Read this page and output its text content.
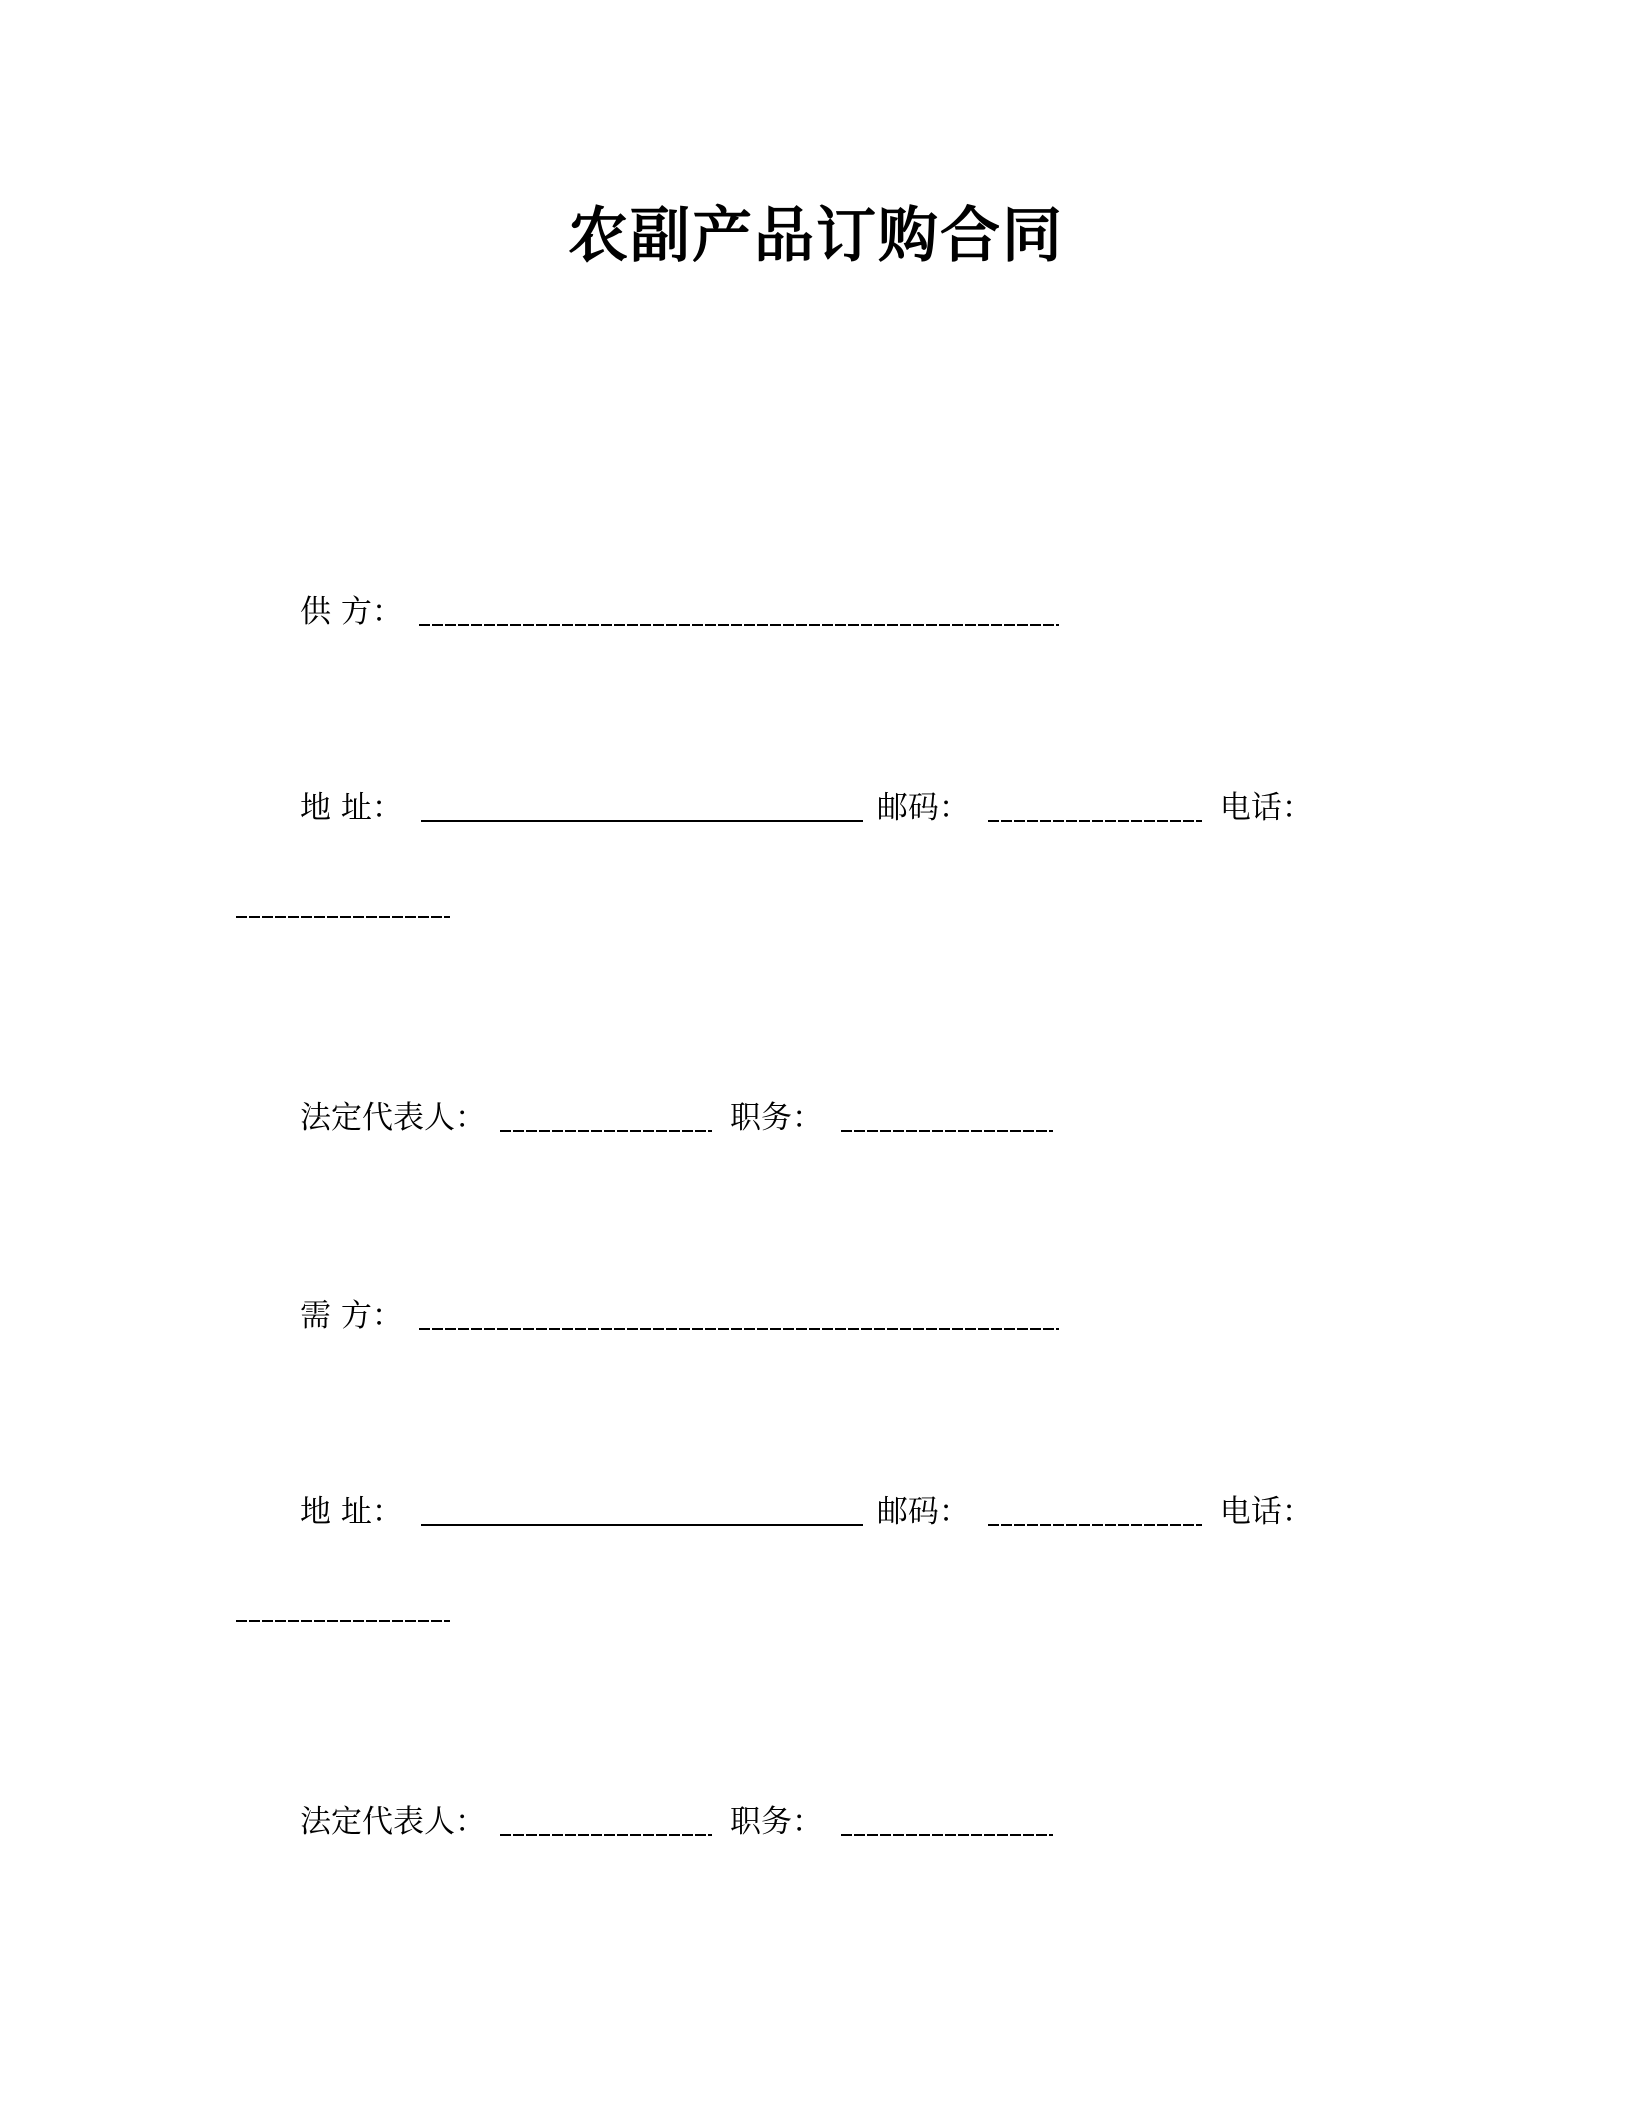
农副产品订购合同
供 方：
地 址：	邮码：	电话：
法定代表人：	职务：
需 方：
地 址：	邮码：	电话：
法定代表人：	职务：
